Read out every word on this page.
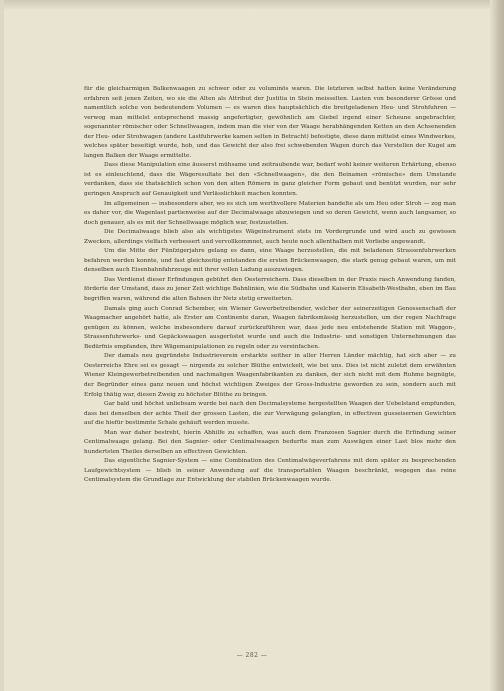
für die gleicharmigen Balkenwaagen zu schwer oder zu voluminös waren. Die letzteren selbst hatten keine Veränderung erfahren seit jenen Zeiten, wo sie die Alten als Attribut der Justitia in Stein meisselten. Lasten von besonderer Grösse und namentlich solche von bedeutendem Volumen — es waren dies hauptsächlich die breitgeladenen Heu- und Strohfuhren — verwog man mittelst entsprechend massig angefertigter, gewöhnlich am Giebel irgend einer Scheune angebrachter, sogenannter römischer oder Schnellwaagen, indem man die vier von der Waage herabhängenden Ketten an den Achsenenden der Heu- oder Strohwagen (andere Lastfuhrwerke kamen selten in Betracht) befestigte, diese dann mittelst eines Windwerkes, welches später beseitigt wurde, hob, und das Gewicht der also frei schwebenden Wagen durch das Verstellen der Kugel am langen Balken der Waage ermittelte.

Dass diese Manipulation eine äusserst mühsame und zeitraubende war, bedarf wohl keiner weiteren Erhärtung, ebenso ist es einleuchtend, dass die Wägeresultate bei den «Schnellwaagen», die den Beinamen «römische» dem Umstande verdanken, dass sie thatsächlich schon von den alten Römern in ganz gleicher Form gebaut und benützt wurden, nur sehr geringen Anspruch auf Genauigkeit und Verlässlichkeit machen konnten.

Im allgemeinen — insbesondere aber, wo es sich um werthvollere Materien handelte als um Heu oder Stroh — zog man es daher vor, die Wagenlast partienweise auf der Decimalwaage abzuwiegen und so deren Gewicht, wenn auch langsamer, so doch genauer, als es mit der Schnellwaage möglich war, festzustellen.

Die Decimalwaage blieb also als wichtigstes Wägeinstrument stets im Vordergrunde und wird auch zu gewissen Zwecken, allerdings vielfach verbessert und vervollkommnet, auch heute noch allenthalben mit Vorliebe angewandt.

Um die Mitte der Fünfzigerjahre gelang es dann, eine Waage herzustellen, die mit beladenen Strassenfuhrwerken befahren werden konnte, und fast gleichzeitig entstanden die ersten Brückenwaagen, die stark genug gebaut waren, um mit denselben auch Eisenbahnfahrzeuge mit ihrer vollen Ladung auszuwiegen.

Das Verdienst dieser Erfindungen gebührt den Oesterreichern. Dass dieselben in der Praxis rasch Anwendung fanden, förderte der Umstand, dass zu jener Zeit wichtige Bahnlinien, wie die Südbahn und Kaiserin Elisabeth-Westbahn, eben im Bau begriffen waren, während die alten Bahnen ihr Netz stetig erweiterten.

Damals ging auch Conrad Schember, ein Wiener Gewerbetreibender, welcher der seinerzeitigen Genossenschaft der Waagmacher angehört hatte, als Erster am Continente daran, Waagen fabriksmässig herzustellen, um der regen Nachfrage genügen zu können, welche insbesondere darauf zurückzuführen war, dass jede neu entstehende Station mit Waggon-, Strassenfuhrwerks- und Gepäckswaagen ausgerüstet wurde und auch die Industrie- und sonstigen Unternehmungen das Bedürfnis empfanden, ihre Wägemanipulationen zu regeln oder zu vereinfachen.

Der damals neu gegründete Industrieverein erstarkte seither in aller Herren Länder mächtig, hat sich aber — zu Oesterreichs Ehre sei es gesagt — nirgends zu solcher Blüthe entwickelt, wie bei uns. Dies ist nicht zuletzt dem erwähnten Wiener Kleingewerbetreibenden und nachmaligen Waagenfabrikanten zu danken, der sich nicht mit dem Ruhme begnügte, der Begründer eines ganz neuen und höchst wichtigen Zweiges der Gross-Industrie geworden zu sein, sondern auch mit Erfolg thätig war, diesen Zweig zu höchster Blüthe zu bringen.

Gar bald und höchst unliebsam wurde bei nach den Decimalsysteme hergestellten Waagen der Uebelstand empfunden, dass bei denselben der achte Theil der grossen Lasten, die zur Verwägung gelangten, in effectiven gusseisernen Gewichten auf die hiefür bestimmte Schale gehäuft werden musste.

Man war daher bestrebt, hierin Abhilfe zu schaffen, was auch dem Franzosen Sagnier durch die Erfindung seiner Centimalwaage gelang. Bei den Sagnier- oder Centimalwaagen bedurfte man zum Auswägen einer Last blos mehr den hundertsten Theiles derselben an effectiven Gewichten.

Das eigentliche Sagnier-System — eine Combination des Centimalwägeverfahrens mit dem später zu besprechenden Laufgewichtsystem — blieb in seiner Anwendung auf die transportablen Waagen beschränkt, wogegen das reine Centimalsystem die Grundlage zur Entwicklung der stabilen Brückenwaagen wurde.

— 282 —
